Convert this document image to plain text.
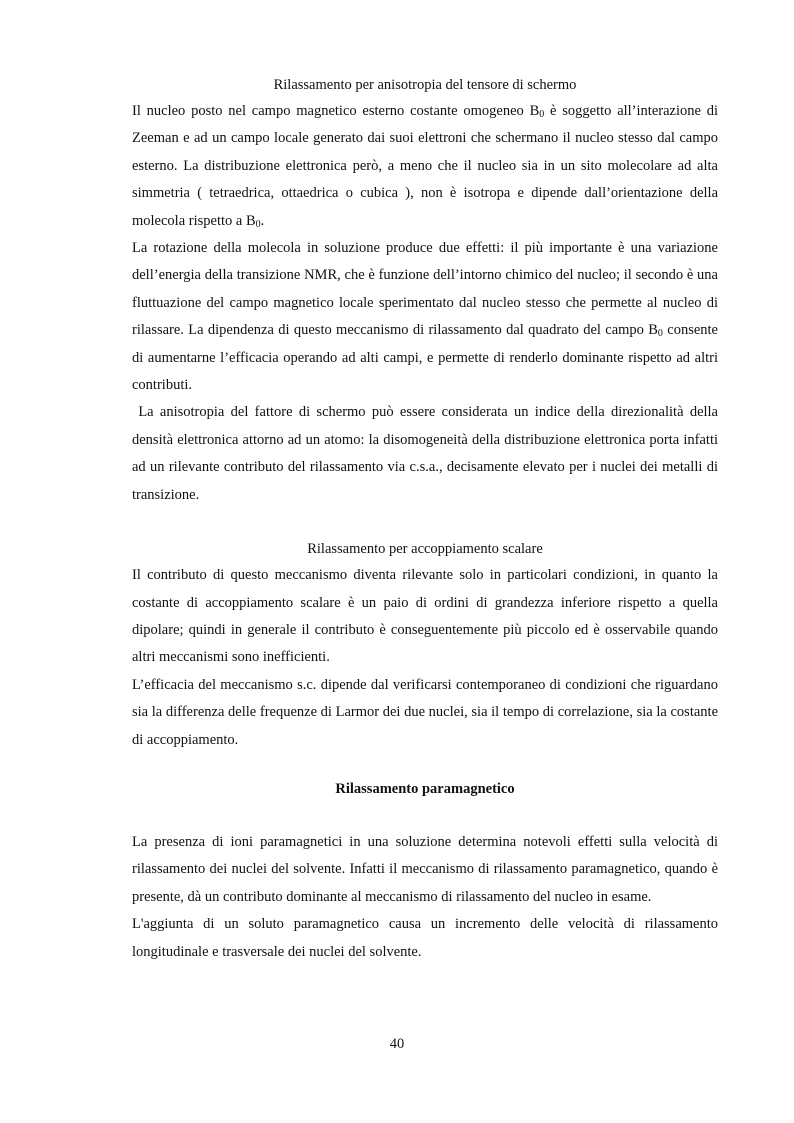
Rilassamento per anisotropia del tensore di schermo

Il nucleo posto nel campo magnetico esterno costante omogeneo $B_0$ è soggetto all’interazione di Zeeman e ad un campo locale generato dai suoi elettroni che schermano il nucleo stesso dal campo esterno. La distribuzione elettronica però, a meno che il nucleo sia in un sito molecolare ad alta simmetria ( tetraedrica, ottaedrica o cubica ), non è isotropa e dipende dall’orientazione della molecola rispetto a $B_0$.

La rotazione della molecola in soluzione produce due effetti: il più importante è una variazione dell’energia della transizione NMR, che è funzione dell’intorno chimico del nucleo; il secondo è una fluttuazione del campo magnetico locale sperimentato dal nucleo stesso che permette al nucleo di rilassare. La dipendenza di questo meccanismo di rilassamento dal quadrato del campo $B_0$ consente di aumentarne l’efficacia operando ad alti campi, e permette di renderlo dominante rispetto ad altri contributi.

La anisotropia del fattore di schermo può essere considerata un indice della direzionalità della densità elettronica attorno ad un atomo: la disomogeneità della distribuzione elettronica porta infatti ad un rilevante contributo del rilassamento via c.s.a., decisamente elevato per i nuclei dei metalli di transizione.

Rilassamento per accoppiamento scalare

Il contributo di questo meccanismo diventa rilevante solo in particolari condizioni, in quanto la costante di accoppiamento scalare è un paio di ordini di grandezza inferiore rispetto a quella dipolare; quindi in generale il contributo è conseguentemente più piccolo ed è osservabile quando altri meccanismi sono inefficienti.

L’efficacia del meccanismo s.c. dipende dal verificarsi contemporaneo di condizioni che riguardano sia la differenza delle frequenze di Larmor dei due nuclei, sia il tempo di correlazione, sia la costante di accoppiamento.

Rilassamento paramagnetico

La presenza di ioni paramagnetici in una soluzione determina notevoli effetti sulla velocità di rilassamento dei nuclei del solvente. Infatti il meccanismo di rilassamento paramagnetico, quando è presente, dà un contributo dominante al meccanismo di rilassamento del nucleo in esame.

L'aggiunta di un soluto paramagnetico causa un incremento delle velocità di rilassamento longitudinale e trasversale dei nuclei del solvente.

40
